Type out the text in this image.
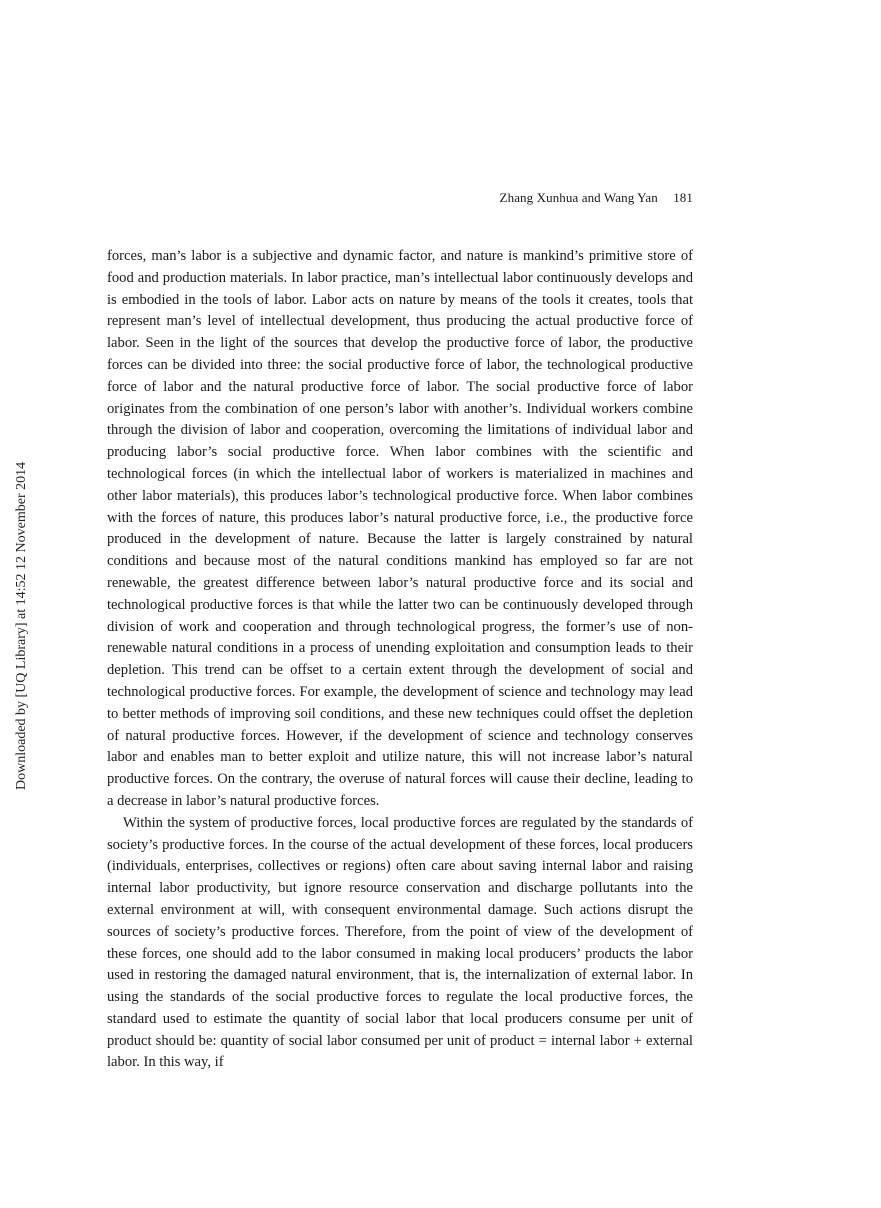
Zhang Xunhua and Wang Yan 181
Downloaded by [UQ Library] at 14:52 12 November 2014

forces, man’s labor is a subjective and dynamic factor, and nature is mankind’s primitive store of food and production materials. In labor practice, man’s intellectual labor continuously develops and is embodied in the tools of labor. Labor acts on nature by means of the tools it creates, tools that represent man’s level of intellectual development, thus producing the actual productive force of labor. Seen in the light of the sources that develop the productive force of labor, the productive forces can be divided into three: the social productive force of labor, the technological productive force of labor and the natural productive force of labor. The social productive force of labor originates from the combination of one person’s labor with another’s. Individual workers combine through the division of labor and cooperation, overcoming the limitations of individual labor and producing labor’s social productive force. When labor combines with the scientific and technological forces (in which the intellectual labor of workers is materialized in machines and other labor materials), this produces labor’s technological productive force. When labor combines with the forces of nature, this produces labor’s natural productive force, i.e., the productive force produced in the development of nature. Because the latter is largely constrained by natural conditions and because most of the natural conditions mankind has employed so far are not renewable, the greatest difference between labor’s natural productive force and its social and technological productive forces is that while the latter two can be continuously developed through division of work and cooperation and through technological progress, the former’s use of non-renewable natural conditions in a process of unending exploitation and consumption leads to their depletion. This trend can be offset to a certain extent through the development of social and technological productive forces. For example, the development of science and technology may lead to better methods of improving soil conditions, and these new techniques could offset the depletion of natural productive forces. However, if the development of science and technology conserves labor and enables man to better exploit and utilize nature, this will not increase labor’s natural productive forces. On the contrary, the overuse of natural forces will cause their decline, leading to a decrease in labor’s natural productive forces.

Within the system of productive forces, local productive forces are regulated by the standards of society’s productive forces. In the course of the actual development of these forces, local producers (individuals, enterprises, collectives or regions) often care about saving internal labor and raising internal labor productivity, but ignore resource conservation and discharge pollutants into the external environment at will, with consequent environmental damage. Such actions disrupt the sources of society’s productive forces. Therefore, from the point of view of the development of these forces, one should add to the labor consumed in making local producers’ products the labor used in restoring the damaged natural environment, that is, the internalization of external labor. In using the standards of the social productive forces to regulate the local productive forces, the standard used to estimate the quantity of social labor that local producers consume per unit of product should be: quantity of social labor consumed per unit of product = internal labor + external labor. In this way, if
